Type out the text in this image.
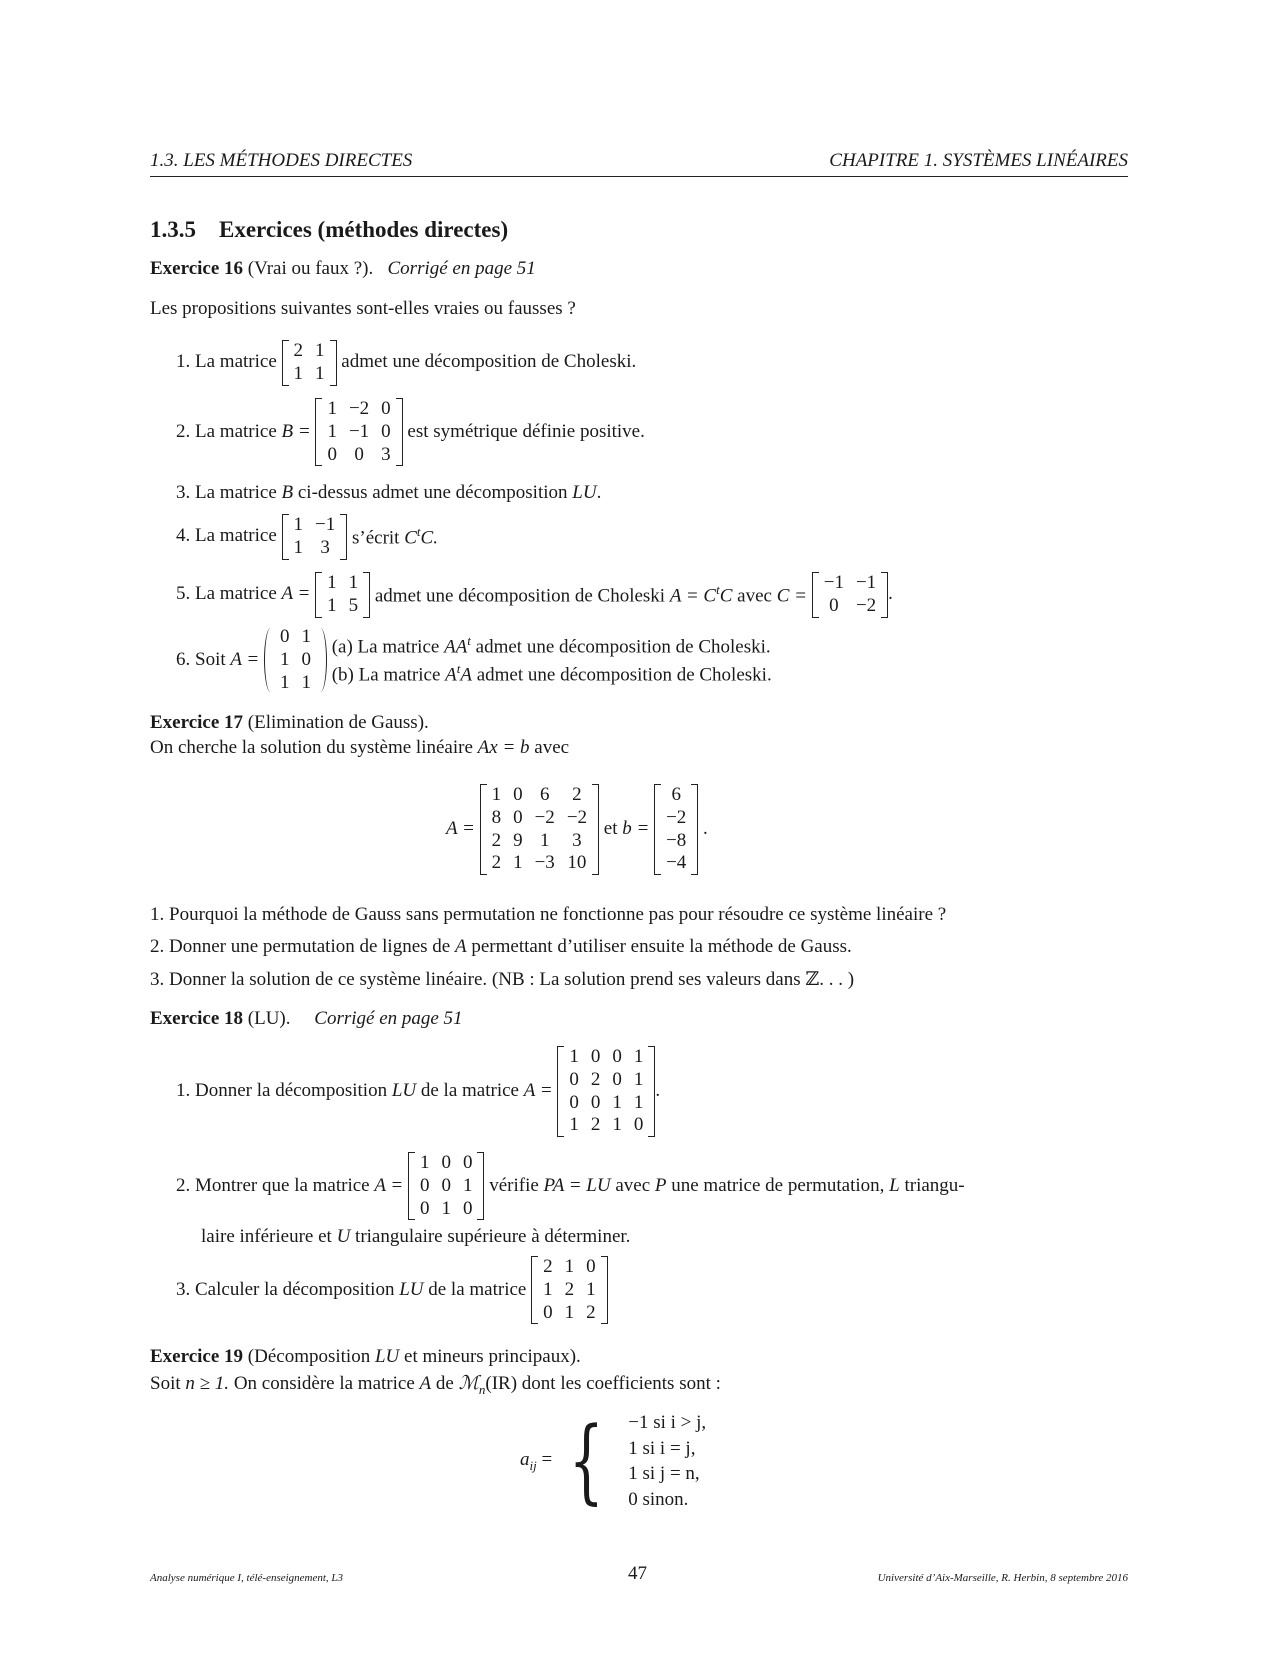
1.3. LES MÉTHODES DIRECTES	CHAPITRE 1. SYSTÈMES LINÉAIRES
1.3.5 Exercices (méthodes directes)
Exercice 16 (Vrai ou faux ?). Corrigé en page 51
Les propositions suivantes sont-elles vraies ou fausses ?
1. La matrice 2	1
1	1 admet une décomposition de Choleski.
2. La matrice B = 1	−2	0
1	−1	0
0	0	3 est symétrique définie positive.
3. La matrice B ci-dessus admet une décomposition LU.
4. La matrice 1	−1
1	3 s’écrit $C^tC$.
5. La matrice A = 1	1
1	5 admet une décomposition de Choleski $A = C^tC$ avec C = −1	−1
0	−2.
6. Soit A = 0	1
1	0
1	1
(a) La matrice $AA^t$ admet une décomposition de Choleski.
(b) La matrice $A^tA$ admet une décomposition de Choleski.
Exercice 17 (Elimination de Gauss).
On cherche la solution du système linéaire Ax = b avec
A = 1	0	6	2
8	0	−2	−2
2	9	1	3
2	1	−3	10 et b = 6
−2
−8
−4 .
1. Pourquoi la méthode de Gauss sans permutation ne fonctionne pas pour résoudre ce système linéaire ?
2. Donner une permutation de lignes de A permettant d’utiliser ensuite la méthode de Gauss.
3. Donner la solution de ce système linéaire. (NB : La solution prend ses valeurs dans ℤ. . . )
Exercice 18 (LU). Corrigé en page 51
1. Donner la décomposition LU de la matrice A = 1	0	0	1
0	2	0	1
0	0	1	1
1	2	1	0.
2. Montrer que la matrice A = 1	0	0
0	0	1
0	1	0 vérifie PA = LU avec P une matrice de permutation, L triangu-
laire inférieure et U triangulaire supérieure à déterminer.
3. Calculer la décomposition LU de la matrice 2	1	0
1	2	1
0	1	2
Exercice 19 (Décomposition LU et mineurs principaux).
Soit n ≥ 1. On considère la matrice A de ℳ$_n$(IR) dont les coefficients sont :
$a_{ij}$ = { −1 si i > j,
1 si i = j,
1 si j = n,
0 sinon.
Analyse numérique I, télé-enseignement, L3	47	Université d’Aix-Marseille, R. Herbin, 8 septembre 2016
